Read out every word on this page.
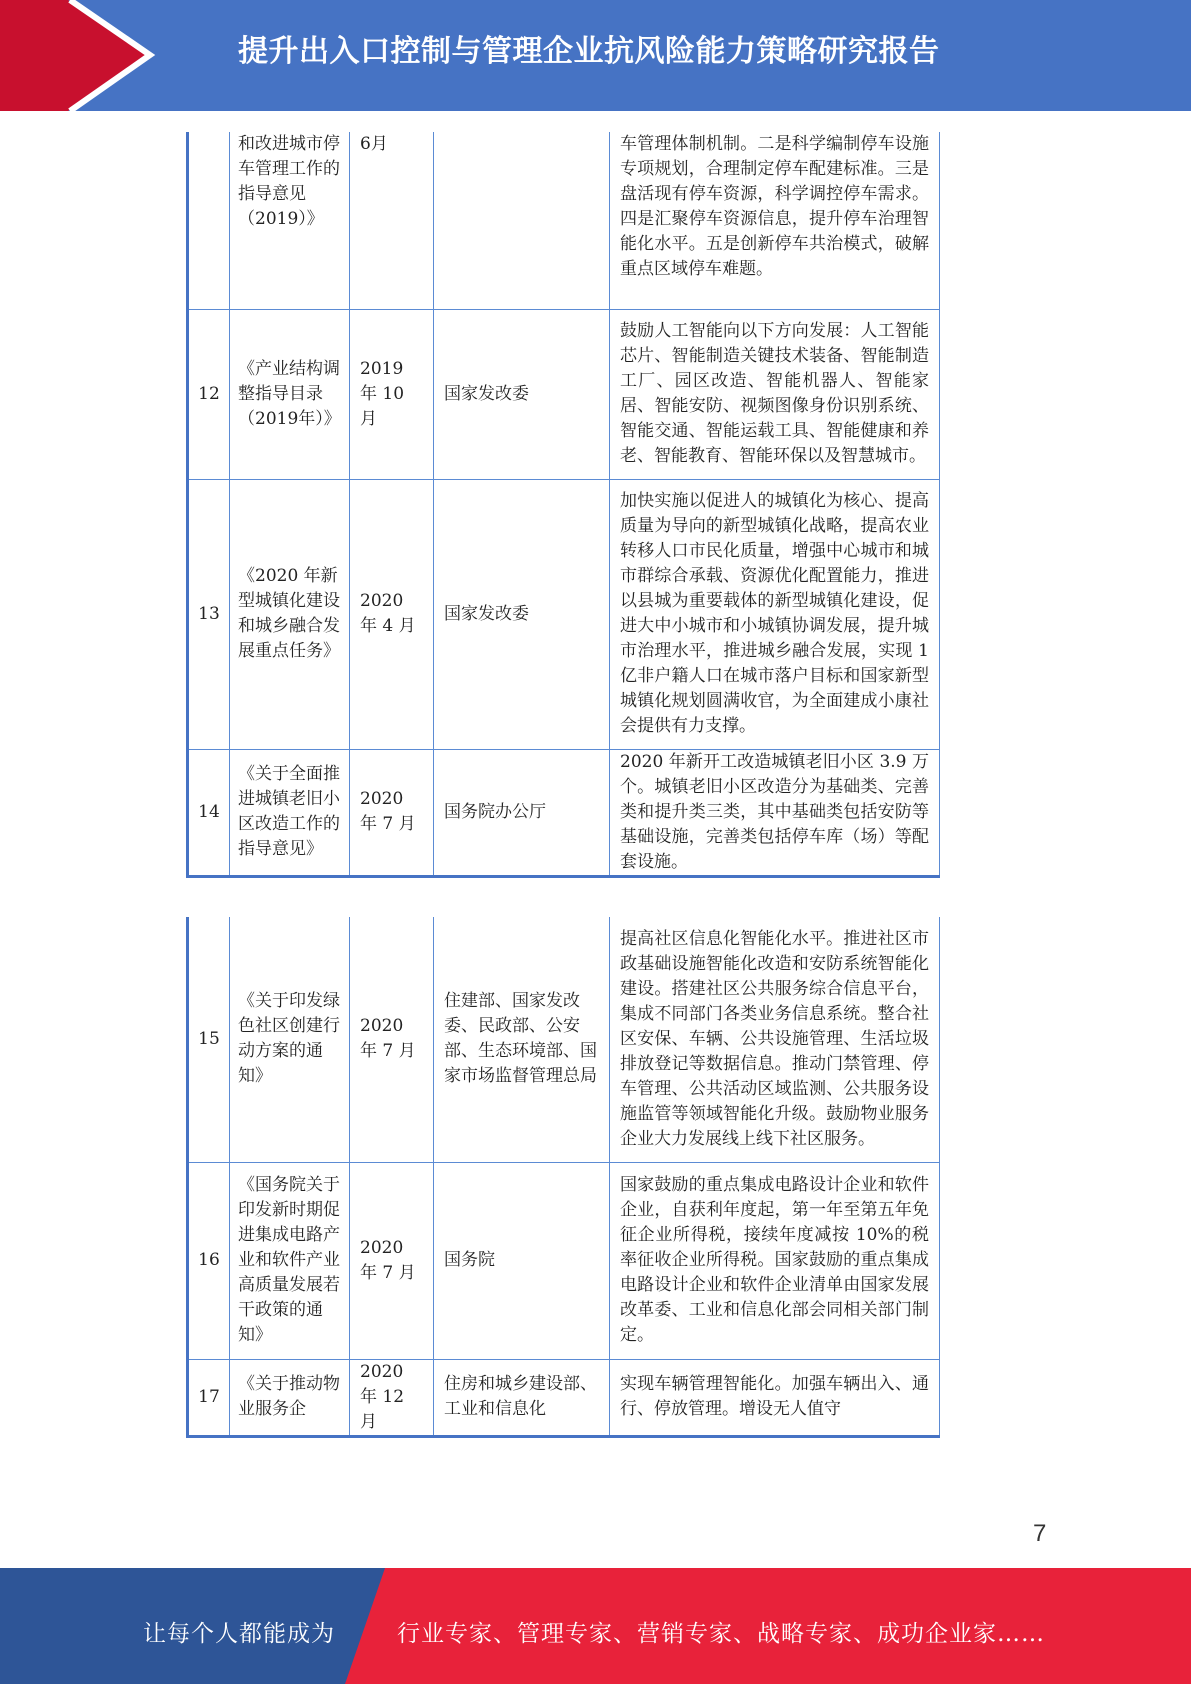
提升出入口控制与管理企业抗风险能力策略研究报告
	和改进城市停车管理工作的指导意见（2019）》	6月		车管理体制机制。二是科学编制停车设施专项规划，合理制定停车配建标准。三是盘活现有停车资源，科学调控停车需求。四是汇聚停车资源信息，提升停车治理智能化水平。五是创新停车共治模式，破解重点区域停车难题。
12	《产业结构调整指导目录（2019年）》	2019 年 10 月	国家发改委	鼓励人工智能向以下方向发展：人工智能芯片、智能制造关键技术装备、智能制造工厂、园区改造、智能机器人、智能家居、智能安防、视频图像身份识别系统、智能交通、智能运载工具、智能健康和养老、智能教育、智能环保以及智慧城市。
13	《2020 年新型城镇化建设和城乡融合发展重点任务》	2020 年 4 月	国家发改委	加快实施以促进人的城镇化为核心、提高质量为导向的新型城镇化战略，提高农业转移人口市民化质量，增强中心城市和城市群综合承载、资源优化配置能力，推进以县城为重要载体的新型城镇化建设，促进大中小城市和小城镇协调发展，提升城市治理水平，推进城乡融合发展，实现 1 亿非户籍人口在城市落户目标和国家新型城镇化规划圆满收官，为全面建成小康社会提供有力支撑。
14	《关于全面推进城镇老旧小区改造工作的指导意见》	2020 年 7 月	国务院办公厅	2020 年新开工改造城镇老旧小区 3.9 万个。城镇老旧小区改造分为基础类、完善类和提升类三类，其中基础类包括安防等基础设施，完善类包括停车库（场）等配套设施。
15	《关于印发绿色社区创建行动方案的通知》	2020 年 7 月	住建部、国家发改委、民政部、公安部、生态环境部、国家市场监督管理总局	提高社区信息化智能化水平。推进社区市政基础设施智能化改造和安防系统智能化建设。搭建社区公共服务综合信息平台，集成不同部门各类业务信息系统。整合社区安保、车辆、公共设施管理、生活垃圾排放登记等数据信息。推动门禁管理、停车管理、公共活动区域监测、公共服务设施监管等领域智能化升级。鼓励物业服务企业大力发展线上线下社区服务。
16	《国务院关于印发新时期促进集成电路产业和软件产业高质量发展若干政策的通知》	2020 年 7 月	国务院	国家鼓励的重点集成电路设计企业和软件企业，自获利年度起，第一年至第五年免征企业所得税，接续年度减按 10%的税率征收企业所得税。国家鼓励的重点集成电路设计企业和软件企业清单由国家发展改革委、工业和信息化部会同相关部门制定。
17	《关于推动物业服务企	2020 年 12 月	住房和城乡建设部、工业和信息化	实现车辆管理智能化。加强车辆出入、通行、停放管理。增设无人值守
7
让每个人都能成为	行业专家、管理专家、营销专家、战略专家、成功企业家……
